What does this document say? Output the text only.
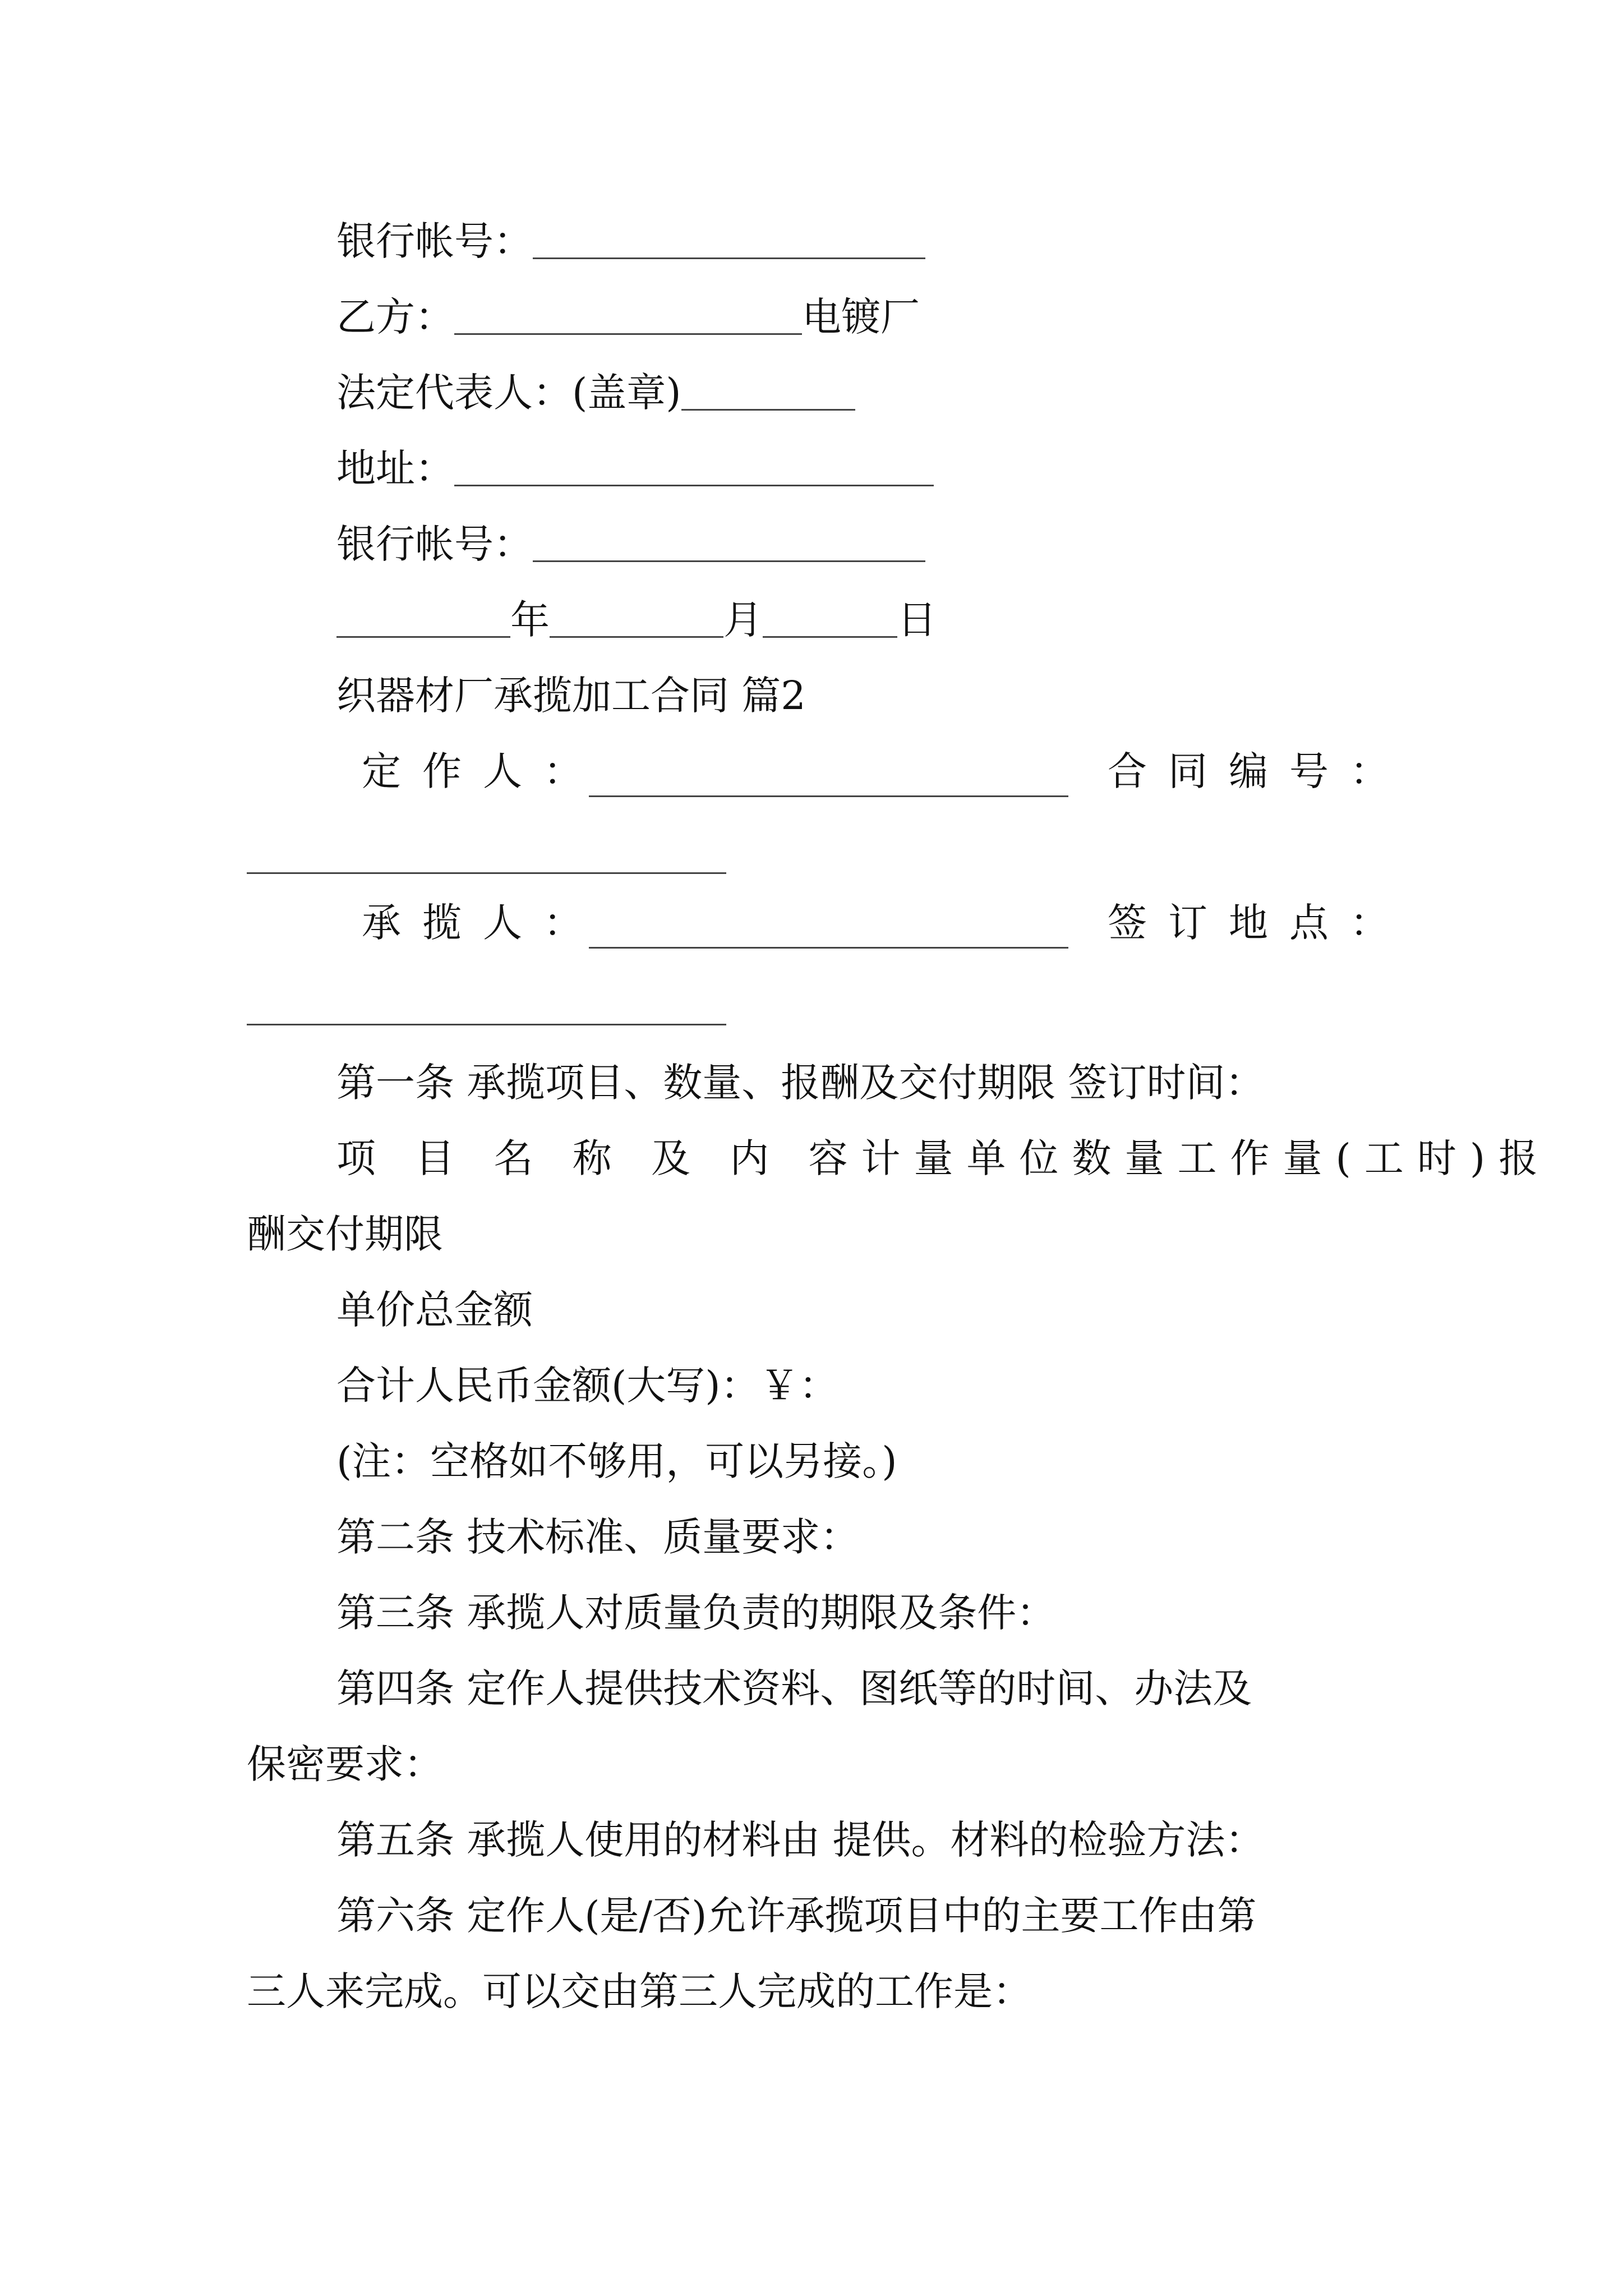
银行帐号：
乙方：	电镀厂
法定代表人：(盖章)
地址：
银行帐号：
年	月	日
织器材厂承揽加工合同 篇2
定作人：	合同编号：
承揽人：	签订地点：
第一条 承揽项目、数量、报酬及交付期限 签订时间：
项 目 名 称 及 内 容计量单位数量工作量(工时)报
酬交付期限
单价总金额
合计人民币金额(大写)：￥：
(注：空格如不够用，可以另接。)
第二条 技术标准、质量要求：
第三条 承揽人对质量负责的期限及条件：
第四条 定作人提供技术资料、图纸等的时间、办法及
保密要求：
第五条 承揽人使用的材料由 提供。材料的检验方法：
第六条 定作人(是/否)允许承揽项目中的主要工作由第
三人来完成。可以交由第三人完成的工作是：
